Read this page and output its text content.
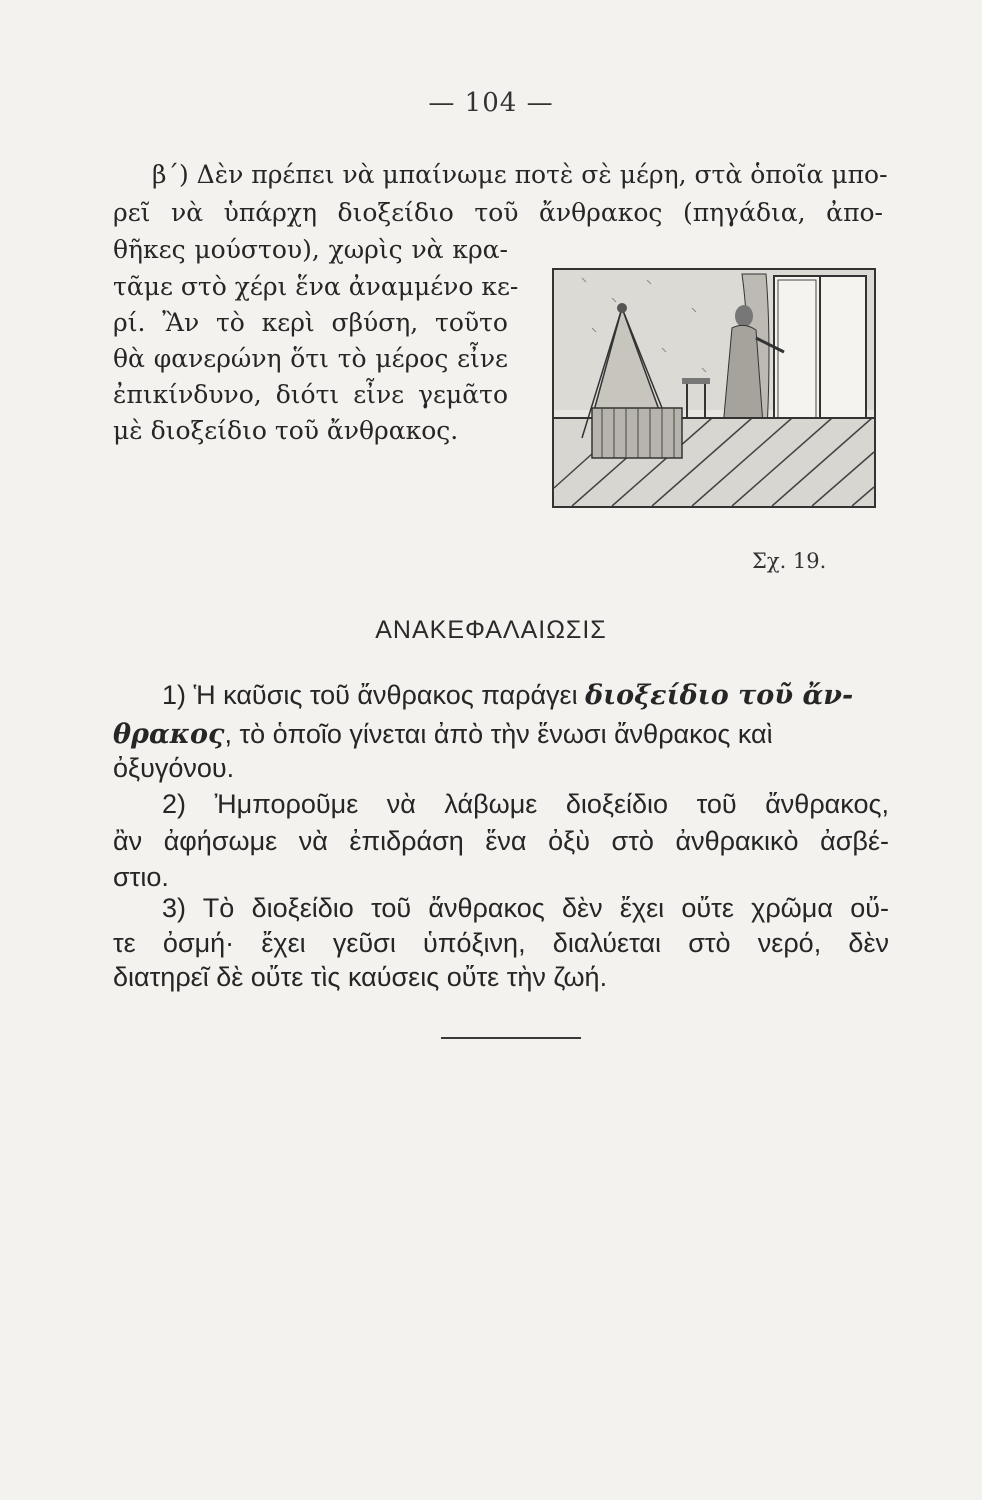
— 104 —
β΄) Δὲν πρέπει νὰ μπαίνωμε ποτὲ σὲ μέρη, στὰ ὁποῖα μπο-
ρεῖ νὰ ὑπάρχη διοξείδιο τοῦ ἄνθρακος (πηγάδια, ἀπο-
θῆκες μούστου), χωρὶς νὰ κρα-
τᾶμε στὸ χέρι ἕνα ἀναμμένο κε-
ρί. Ἂν τὸ κερὶ σβύση, τοῦτο
θὰ φανερώνη ὅτι τὸ μέρος εἶνε
ἐπικίνδυνο, διότι εἶνε γεμᾶτο
μὲ διοξείδιο τοῦ ἄνθρακος.
Σχ. 19.
ΑΝΑΚΕΦΑΛΑΙΩΣΙΣ
1) Ἡ καῦσις τοῦ ἄνθρακος παράγει διοξείδιο τοῦ ἄν-
θρακος, τὸ ὁποῖο γίνεται ἀπὸ τὴν ἕνωσι ἄνθρακος καὶ
ὀξυγόνου.
2) Ἠμποροῦμε νὰ λάβωμε διοξείδιο τοῦ ἄνθρακος,
ἂν ἀφήσωμε νὰ ἐπιδράση ἕνα ὀξὺ στὸ ἀνθρακικὸ ἀσβέ-
στιο.
3) Τὸ διοξείδιο τοῦ ἄνθρακος δὲν ἔχει οὔτε χρῶμα οὔ-
τε ὀσμή· ἔχει γεῦσι ὑπόξινη, διαλύεται στὸ νερό, δὲν
διατηρεῖ δὲ οὔτε τὶς καύσεις οὔτε τὴν ζωή.
